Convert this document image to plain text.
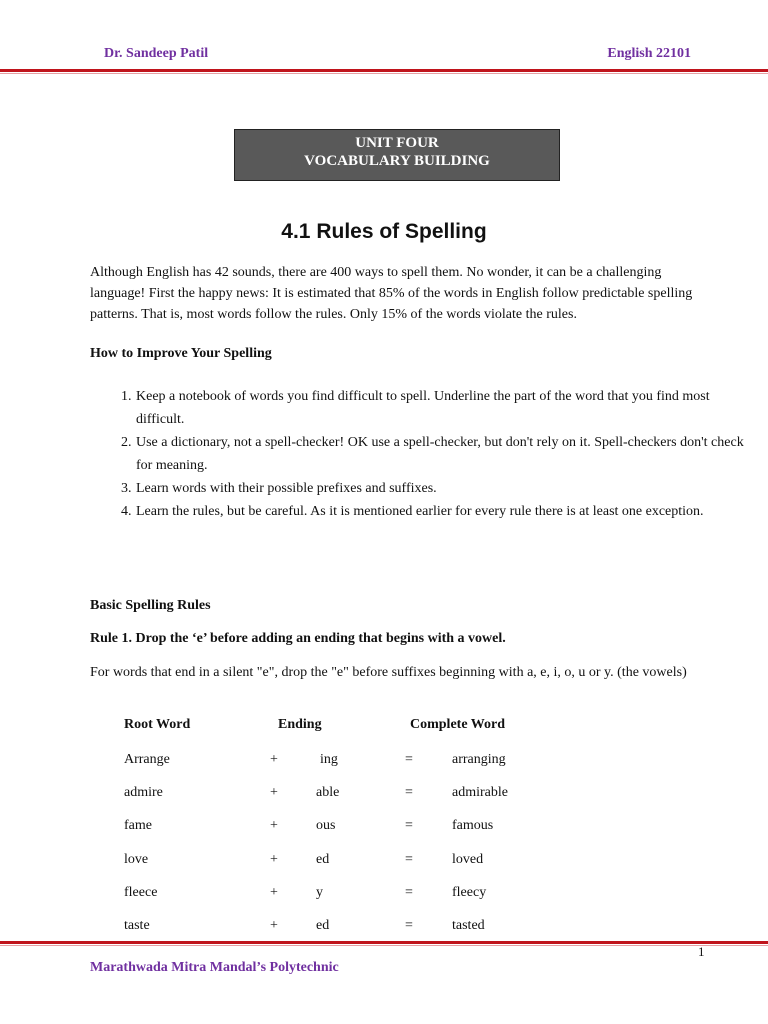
Dr. Sandeep Patil	English 22101
UNIT FOUR
VOCABULARY BUILDING
4.1 Rules of Spelling

Although English has 42 sounds, there are 400 ways to spell them. No wonder, it can be a challenging language! First the happy news: It is estimated that 85% of the words in English follow predictable spelling patterns. That is, most words follow the rules. Only 15% of the words violate the rules.

How to Improve Your Spelling

1. Keep a notebook of words you find difficult to spell. Underline the part of the word that you find most difficult.
2. Use a dictionary, not a spell-checker! OK use a spell-checker, but don't rely on it. Spell-checkers don't check for meaning.
3. Learn words with their possible prefixes and suffixes.
4. Learn the rules, but be careful. As it is mentioned earlier for every rule there is at least one exception.

Basic Spelling Rules

Rule 1. Drop the ‘e’ before adding an ending that begins with a vowel.

For words that end in a silent "e", drop the "e" before suffixes beginning with a, e, i, o, u or y. (the vowels)

Root Word	Ending	Complete Word
Arrange	+	ing	=	arranging
admire	+	able	=	admirable
fame	+	ous	=	famous
love	+	ed	=	loved
fleece	+	y	=	fleecy
taste	+	ed	=	tasted
1
Marathwada Mitra Mandal’s Polytechnic
